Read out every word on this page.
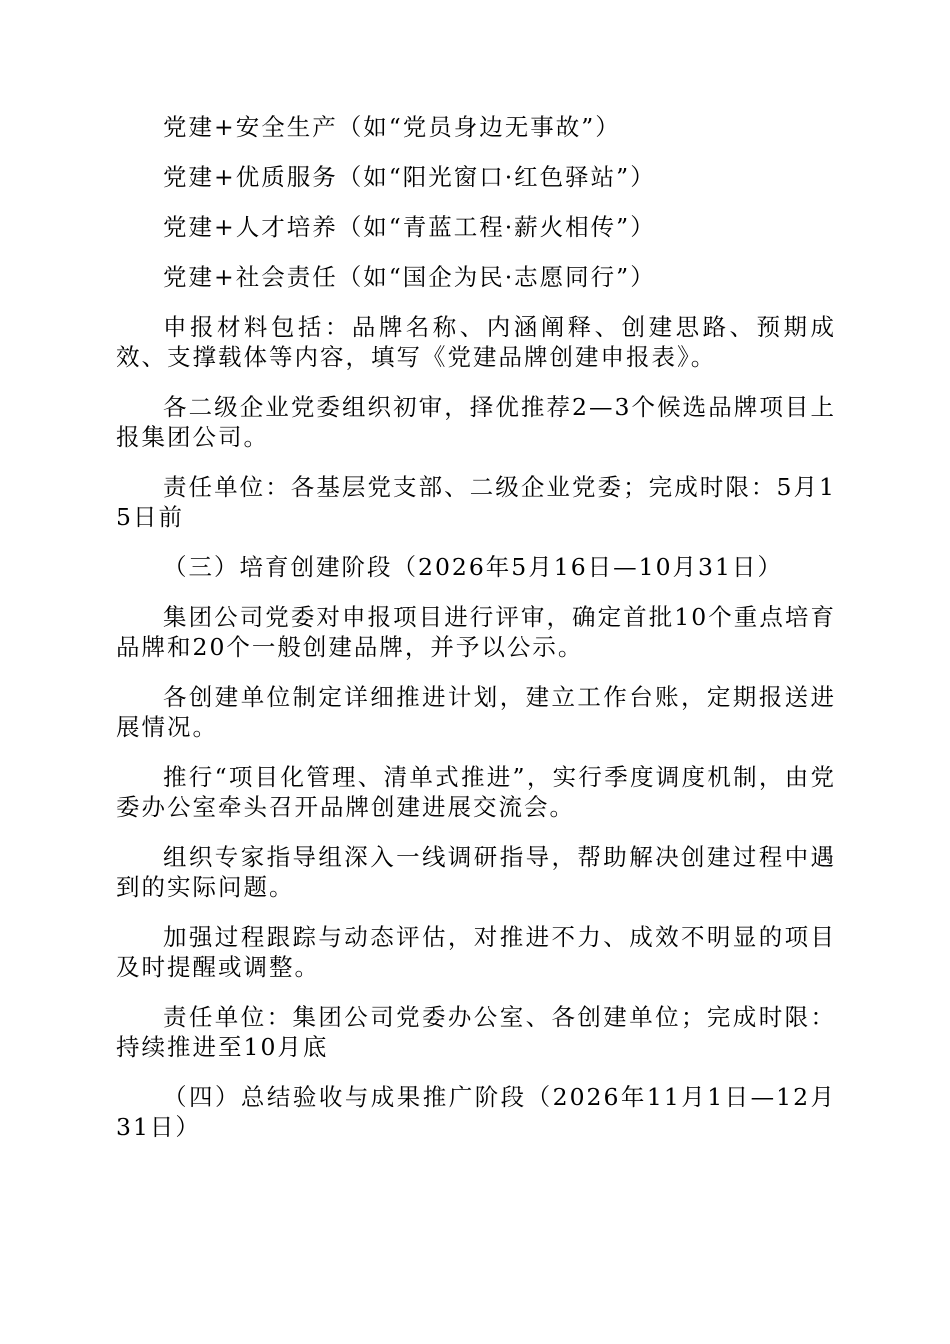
党建+安全生产（如“党员身边无事故”）

党建+优质服务（如“阳光窗口·红色驿站”）

党建+人才培养（如“青蓝工程·薪火相传”）

党建+社会责任（如“国企为民·志愿同行”）

申报材料包括：品牌名称、内涵阐释、创建思路、预期成效、支撑载体等内容，填写《党建品牌创建申报表》。

各二级企业党委组织初审，择优推荐2—3个候选品牌项目上报集团公司。

责任单位：各基层党支部、二级企业党委；完成时限：5月15日前

（三）培育创建阶段（2026年5月16日—10月31日）

集团公司党委对申报项目进行评审，确定首批10个重点培育品牌和20个一般创建品牌，并予以公示。

各创建单位制定详细推进计划，建立工作台账，定期报送进展情况。

推行“项目化管理、清单式推进”，实行季度调度机制，由党委办公室牵头召开品牌创建进展交流会。

组织专家指导组深入一线调研指导，帮助解决创建过程中遇到的实际问题。

加强过程跟踪与动态评估，对推进不力、成效不明显的项目及时提醒或调整。

责任单位：集团公司党委办公室、各创建单位；完成时限：持续推进至10月底

（四）总结验收与成果推广阶段（2026年11月1日—12月31日）
